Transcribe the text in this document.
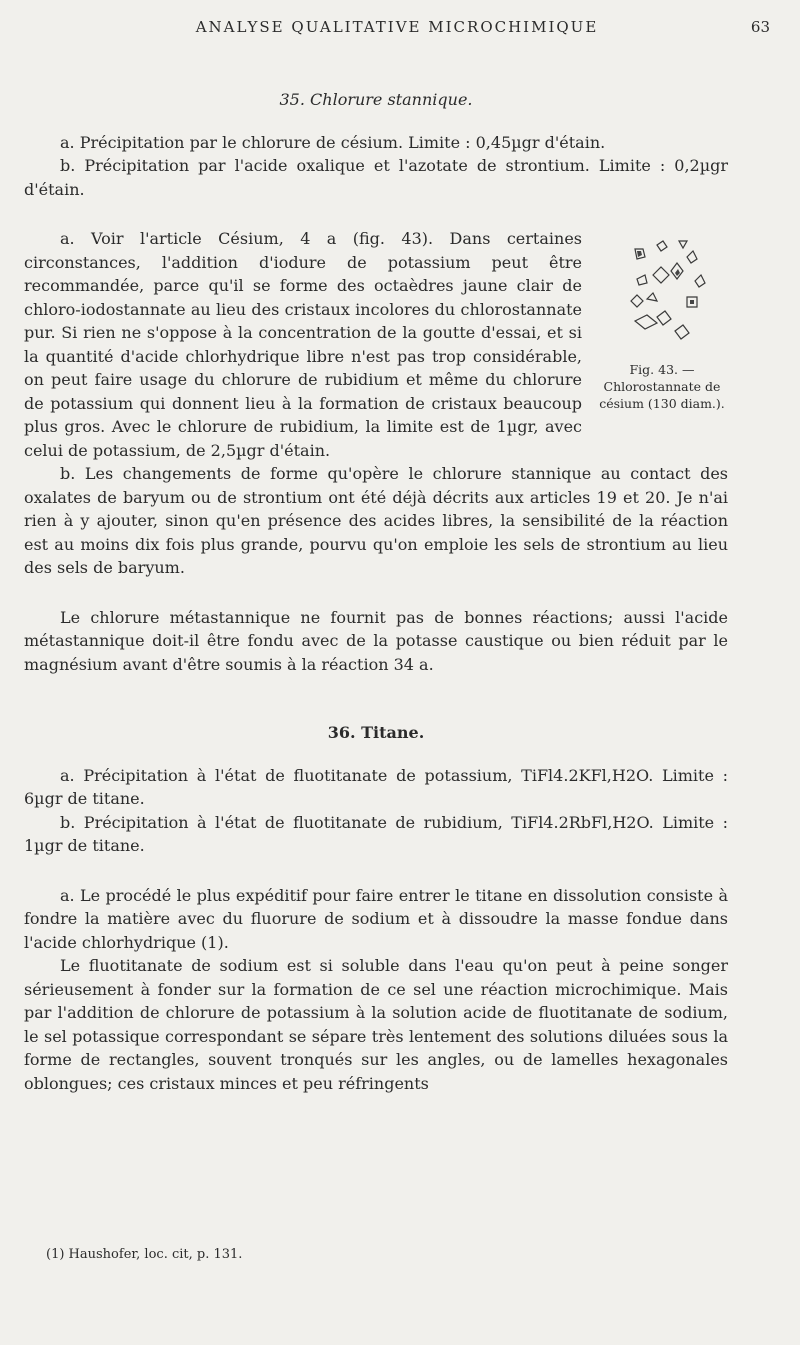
ANALYSE QUALITATIVE MICROCHIMIQUE	63

35. Chlorure stannique.

a. Précipitation par le chlorure de césium. Limite : 0,45µgr d'étain.

b. Précipitation par l'acide oxalique et l'azotate de strontium. Limite : 0,2µgr d'étain.

Fig. 43. — Chlorostannate de césium (130 diam.).

a. Voir l'article Césium, 4 a (fig. 43). Dans certaines circonstances, l'addition d'iodure de potassium peut être recommandée, parce qu'il se forme des octaèdres jaune clair de chloro-iodostannate au lieu des cristaux incolores du chlorostannate pur. Si rien ne s'oppose à la concentration de la goutte d'essai, et si la quantité d'acide chlorhydrique libre n'est pas trop considérable, on peut faire usage du chlorure de rubidium et même du chlorure de potassium qui donnent lieu à la formation de cristaux beaucoup plus gros. Avec le chlorure de rubidium, la limite est de 1µgr, avec celui de potassium, de 2,5µgr d'étain.

b. Les changements de forme qu'opère le chlorure stannique au contact des oxalates de baryum ou de strontium ont été déjà décrits aux articles 19 et 20. Je n'ai rien à y ajouter, sinon qu'en présence des acides libres, la sensibilité de la réaction est au moins dix fois plus grande, pourvu qu'on emploie les sels de strontium au lieu des sels de baryum.

Le chlorure métastannique ne fournit pas de bonnes réactions; aussi l'acide métastannique doit-il être fondu avec de la potasse caustique ou bien réduit par le magnésium avant d'être soumis à la réaction 34 a.

36. Titane.

a. Précipitation à l'état de fluotitanate de potassium, TiFl4.2KFl,H2O. Limite : 6µgr de titane.

b. Précipitation à l'état de fluotitanate de rubidium, TiFl4.2RbFl,H2O. Limite : 1µgr de titane.

a. Le procédé le plus expéditif pour faire entrer le titane en dissolution consiste à fondre la matière avec du fluorure de sodium et à dissoudre la masse fondue dans l'acide chlorhydrique (1).

Le fluotitanate de sodium est si soluble dans l'eau qu'on peut à peine songer sérieusement à fonder sur la formation de ce sel une réaction microchimique. Mais par l'addition de chlorure de potassium à la solution acide de fluotitanate de sodium, le sel potassique correspondant se sépare très lentement des solutions diluées sous la forme de rectangles, souvent tronqués sur les angles, ou de lamelles hexagonales oblongues; ces cristaux minces et peu réfringents

(1) Haushofer, loc. cit, p. 131.
